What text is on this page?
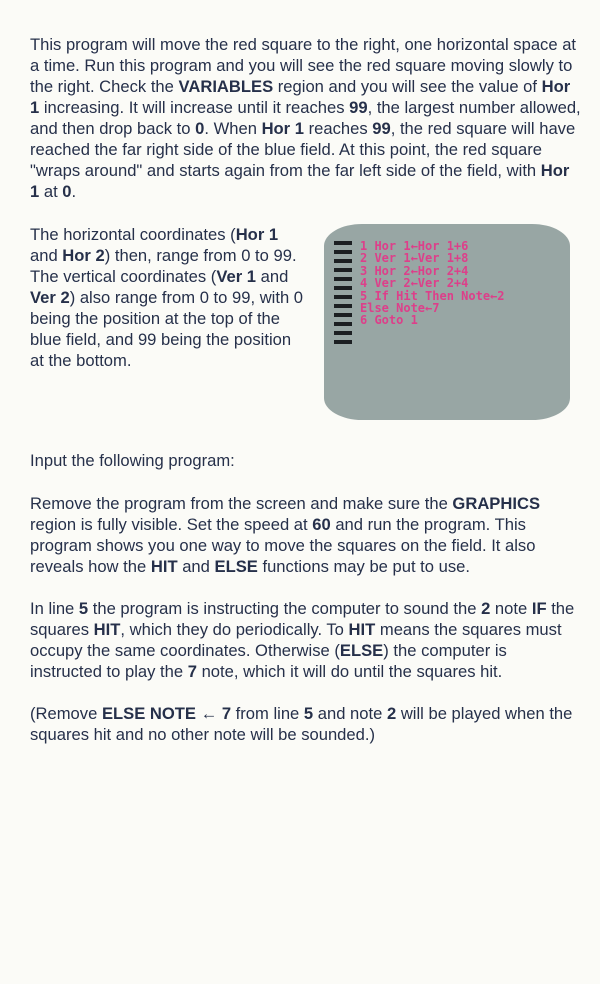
This program will move the red square to the right, one horizontal space at a time. Run this program and you will see the red square moving slowly to the right. Check the VARIABLES region and you will see the value of Hor 1 increasing. It will increase until it reaches 99, the largest number allowed, and then drop back to 0. When Hor 1 reaches 99, the red square will have reached the far right side of the blue field. At this point, the red square "wraps around" and starts again from the far left side of the field, with Hor 1 at 0.

The horizontal coordinates (Hor 1 and Hor 2) then, range from 0 to 99. The vertical coordinates (Ver 1 and Ver 2) also range from 0 to 99, with 0 being the position at the top of the blue field, and 99 being the position at the bottom.

1 Hor 1←Hor 1+6
2 Ver 1←Ver 1+8
3 Hor 2←Hor 2+4
4 Ver 2←Ver 2+4
5 If Hit Then Note←2
Else Note←7
6 Goto 1

Input the following program:

Remove the program from the screen and make sure the GRAPHICS region is fully visible. Set the speed at 60 and run the program. This program shows you one way to move the squares on the field. It also reveals how the HIT and ELSE functions may be put to use.

In line 5 the program is instructing the computer to sound the 2 note IF the squares HIT, which they do periodically. To HIT means the squares must occupy the same coordinates. Otherwise (ELSE) the computer is instructed to play the 7 note, which it will do until the squares hit.

(Remove ELSE NOTE ← 7 from line 5 and note 2 will be played when the squares hit and no other note will be sounded.)
